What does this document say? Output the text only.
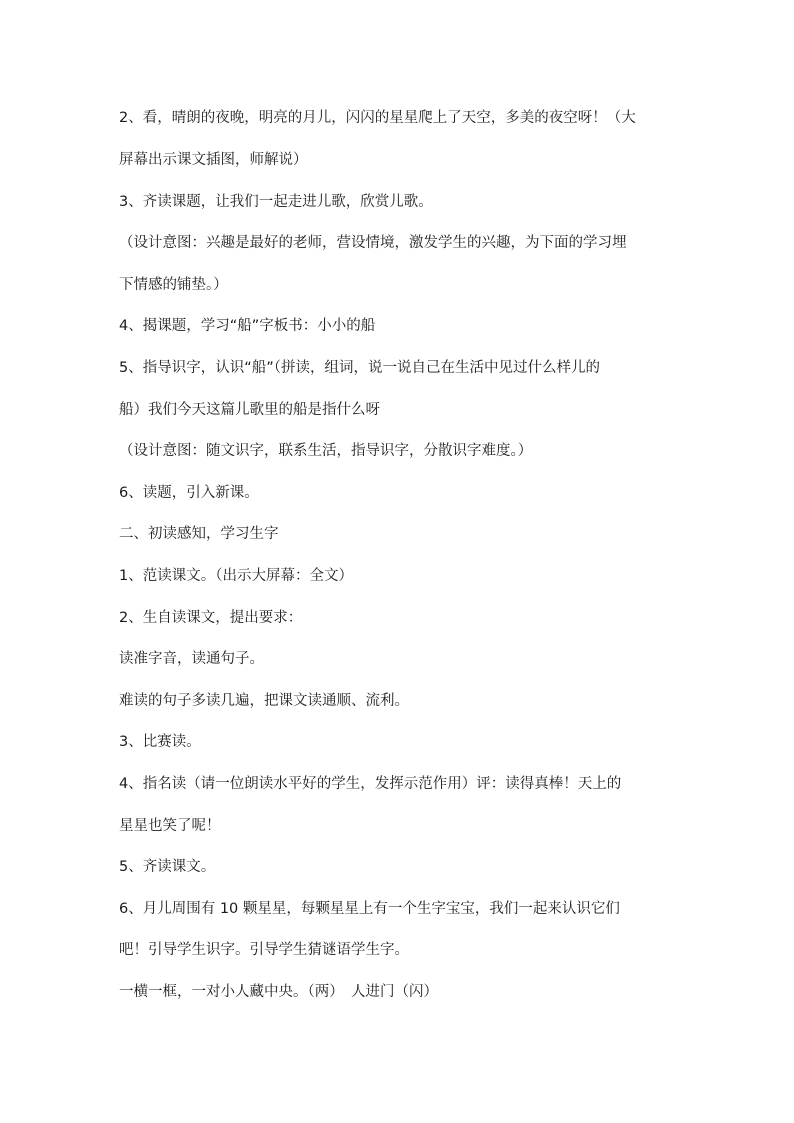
2、看，晴朗的夜晚，明亮的月儿，闪闪的星星爬上了天空，多美的夜空呀！（大
屏幕出示课文插图，师解说）
3、齐读课题，让我们一起走进儿歌，欣赏儿歌。
（设计意图：兴趣是最好的老师，营设情境，激发学生的兴趣，为下面的学习埋
下情感的铺垫。）
4、揭课题，学习“船”字板书：小小的船
5、指导识字，认识“船”（拼读，组词，说一说自己在生活中见过什么样儿的
船）我们今天这篇儿歌里的船是指什么呀
（设计意图：随文识字，联系生活，指导识字，分散识字难度。）
6、读题，引入新课。
二、初读感知，学习生字
1、范读课文。（出示大屏幕：全文）
2、生自读课文，提出要求：
读准字音，读通句子。
难读的句子多读几遍，把课文读通顺、流利。
3、比赛读。
4、指名读（请一位朗读水平好的学生，发挥示范作用）评：读得真棒！天上的
星星也笑了呢！
5、齐读课文。
6、月儿周围有 10 颗星星，每颗星星上有一个生字宝宝，我们一起来认识它们
吧！引导学生识字。引导学生猜谜语学生字。
一横一框，一对小人藏中央。（两）　人进门（闪）
